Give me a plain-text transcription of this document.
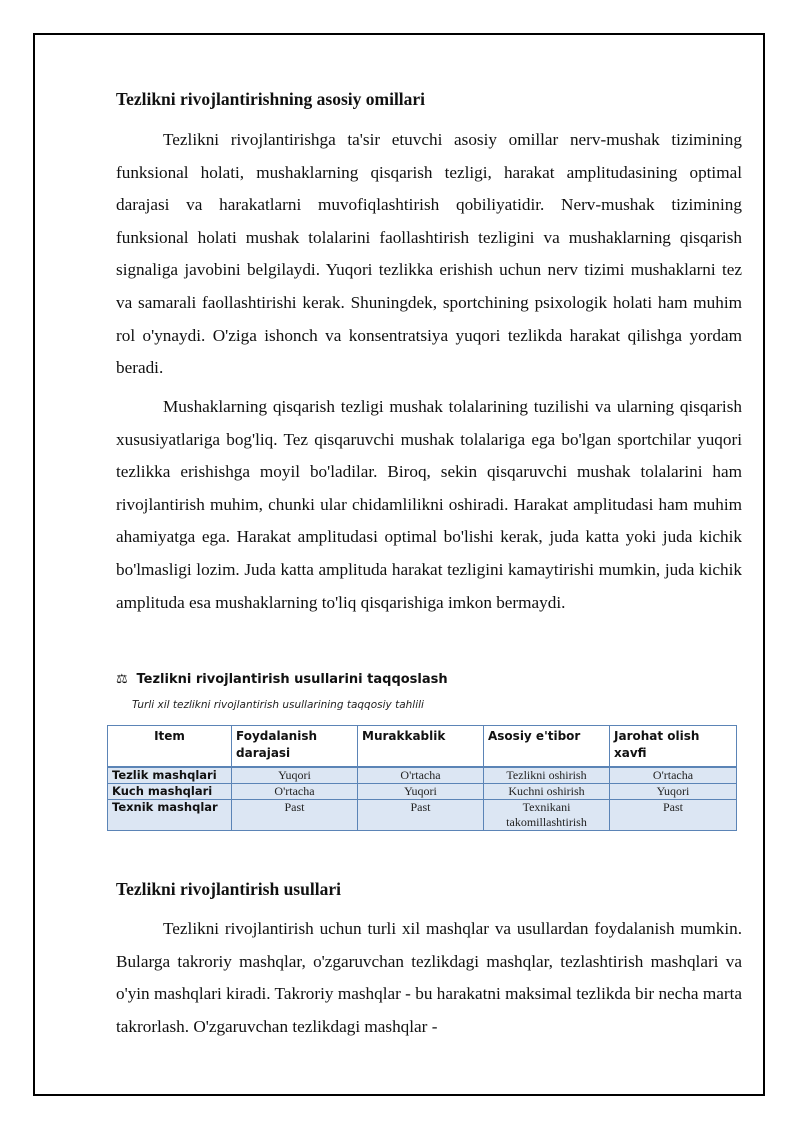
Tezlikni rivojlantirishning asosiy omillari

Tezlikni rivojlantirishga ta'sir etuvchi asosiy omillar nerv-mushak tizimining funksional holati, mushaklarning qisqarish tezligi, harakat amplitudasining optimal darajasi va harakatlarni muvofiqlashtirish qobiliyatidir. Nerv-mushak tizimining funksional holati mushak tolalarini faollashtirish tezligini va mushaklarning qisqarish signaliga javobini belgilaydi. Yuqori tezlikka erishish uchun nerv tizimi mushaklarni tez va samarali faollashtirishi kerak. Shuningdek, sportchining psixologik holati ham muhim rol o'ynaydi. O'ziga ishonch va konsentratsiya yuqori tezlikda harakat qilishga yordam beradi.

Mushaklarning qisqarish tezligi mushak tolalarining tuzilishi va ularning qisqarish xususiyatlariga bog'liq. Tez qisqaruvchi mushak tolalariga ega bo'lgan sportchilar yuqori tezlikka erishishga moyil bo'ladilar. Biroq, sekin qisqaruvchi mushak tolalarini ham rivojlantirish muhim, chunki ular chidamlilikni oshiradi. Harakat amplitudasi ham muhim ahamiyatga ega. Harakat amplitudasi optimal bo'lishi kerak, juda katta yoki juda kichik bo'lmasligi lozim. Juda katta amplituda harakat tezligini kamaytirishi mumkin, juda kichik amplituda esa mushaklarning to'liq qisqarishiga imkon bermaydi.

Tezlikni rivojlantirish usullari

Tezlikni rivojlantirish uchun turli xil mashqlar va usullardan foydalanish mumkin. Bularga takroriy mashqlar, o'zgaruvchan tezlikdagi mashqlar, tezlashtirish mashqlari va o'yin mashqlari kiradi. Takroriy mashqlar - bu harakatni maksimal tezlikda bir necha marta takrorlash. O'zgaruvchan tezlikdagi mashqlar -

⚖ Tezlikni rivojlantirish usullarini taqqoslash
Turli xil tezlikni rivojlantirish usullarining taqqosiy tahlili
Item	Foydalanish darajasi	Murakkablik	Asosiy e'tibor	Jarohat olish xavfi
Tezlik mashqlari	Yuqori	O'rtacha	Tezlikni oshirish	O'rtacha
Kuch mashqlari	O'rtacha	Yuqori	Kuchni oshirish	Yuqori
Texnik mashqlar	Past	Past	Texnikani takomillashtirish	Past
